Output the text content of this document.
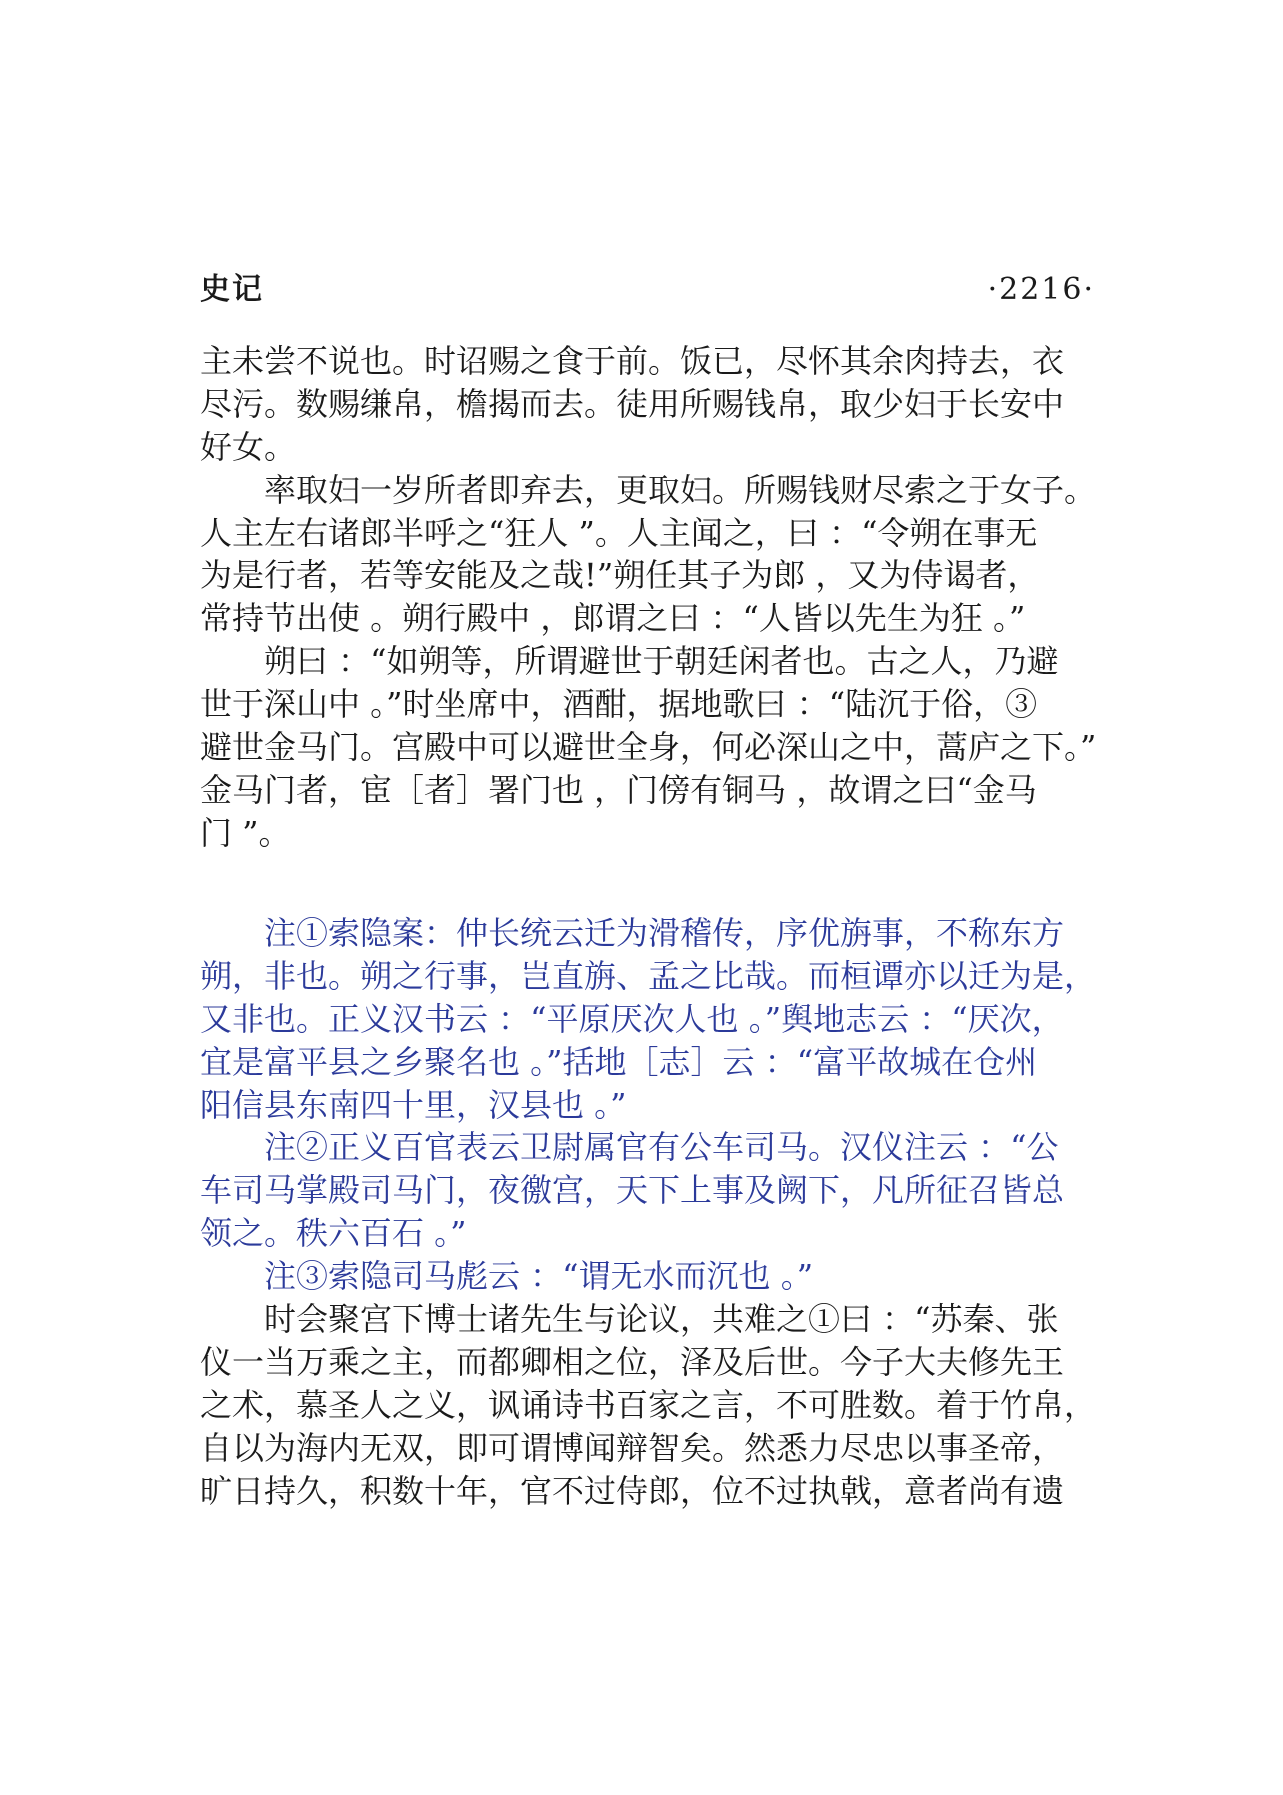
史记	·2216·
主未尝不说也。时诏赐之食于前。饭已，尽怀其余肉持去，衣
尽污。数赐缣帛，檐揭而去。徒用所赐钱帛，取少妇于长安中
好女。
率取妇一岁所者即弃去，更取妇。所赐钱财尽索之于女子。
人主左右诸郎半呼之“狂人 ”。人主闻之，曰 ：“令朔在事无
为是行者，若等安能及之哉!”朔任其子为郎 ，又为侍谒者，
常持节出使 。朔行殿中 ，郎谓之曰 ：“人皆以先生为狂 。”
朔曰 ：“如朔等，所谓避世于朝廷闲者也。古之人，乃避
世于深山中 。”时坐席中，酒酣，据地歌曰 ：“陆沉于俗，③
避世金马门。宫殿中可以避世全身，何必深山之中，蒿庐之下。”
金马门者，宦［者］署门也 ，门傍有铜马 ，故谓之曰“金马
门 ”。
注①索隐案：仲长统云迁为滑稽传，序优旃事，不称东方
朔，非也。朔之行事，岂直旃、孟之比哉。而桓谭亦以迁为是，
又非也。正义汉书云 ：“平原厌次人也 。”舆地志云 ：“厌次，
宜是富平县之乡聚名也 。”括地［志］云 ：“富平故城在仓州
阳信县东南四十里，汉县也 。”
注②正义百官表云卫尉属官有公车司马。汉仪注云 ：“公
车司马掌殿司马门，夜徼宫，天下上事及阙下，凡所征召皆总
领之。秩六百石 。”
注③索隐司马彪云 ：“谓无水而沉也 。”
时会聚宫下博士诸先生与论议，共难之①曰 ：“苏秦、张
仪一当万乘之主，而都卿相之位，泽及后世。今子大夫修先王
之术，慕圣人之义，讽诵诗书百家之言，不可胜数。着于竹帛，
自以为海内无双，即可谓博闻辩智矣。然悉力尽忠以事圣帝，
旷日持久，积数十年，官不过侍郎，位不过执戟，意者尚有遗
